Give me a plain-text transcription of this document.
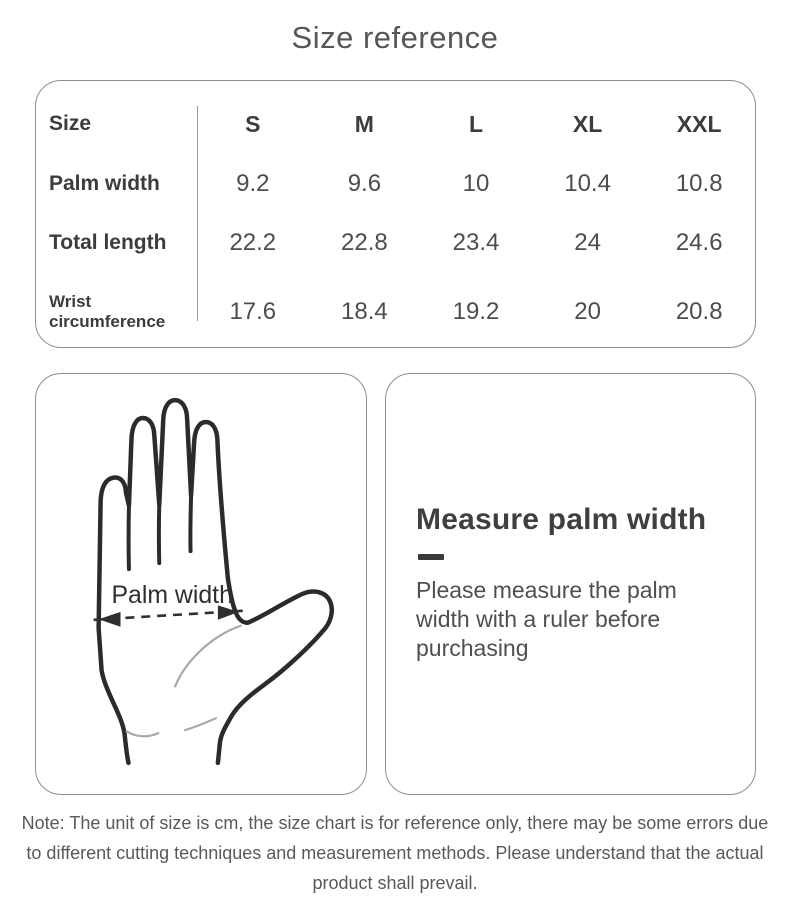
Size reference
Size	S	M	L	XL	XXL
Palm width	9.2	9.6	10	10.4	10.8
Total length	22.2	22.8	23.4	24	24.6
Wrist circumference	17.6	18.4	19.2	20	20.8
Palm width
Measure palm width
Please measure the palm width with a ruler before purchasing

Note: The unit of size is cm, the size chart is for reference only, there may be some errors due to different cutting techniques and measurement methods. Please understand that the actual product shall prevail.
